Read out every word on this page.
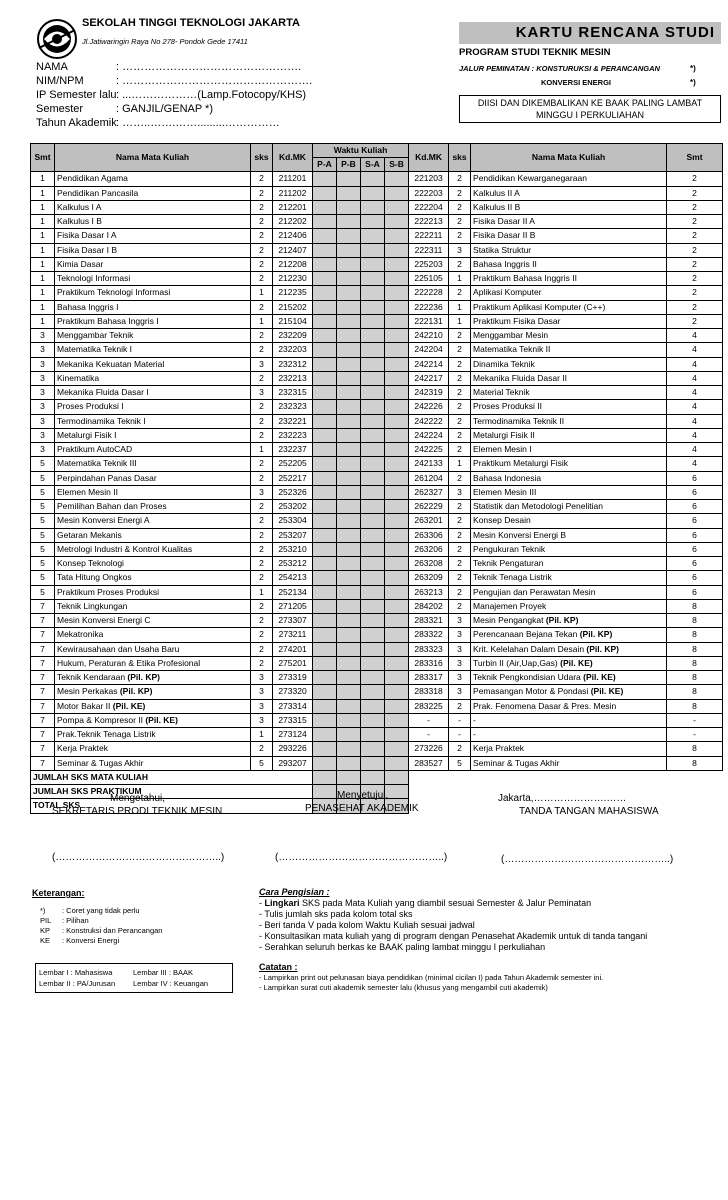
SEKOLAH TINGGI TEKNOLOGI JAKARTA
Jl.Jatiwaringin Raya No 278- Pondok Gede 17411
KARTU RENCANA STUDI
PROGRAM STUDI TEKNIK MESIN
JALUR PEMINATAN : KONSTURUKSI & PERANCANGAN	*)
KONVERSI ENERGI	*)
DIISI DAN DIKEMBALIKAN KE BAAK PALING LAMBAT
MINGGU I PERKULIAHAN
NAMA	: ………………………………………….
NIM/NPM	: …………………………………………….
IP Semester lalu: ...………………(Lamp.Fotocopy/KHS)
Semester	: GANJIL/GENAP *)
Tahun Akademik: ……..…….…….........……………
Smt	Nama Mata Kuliah	sks	Kd.MK	Waktu Kuliah				Kd.MK	sks	Nama Mata Kuliah	Smt
				P-A	P-B	S-A	S-B				
1	Pendidikan Agama	2	211201					221203	2	Pendidikan Kewarganegaraan	2
1	Pendidikan Pancasila	2	211202					222203	2	Kalkulus II A	2
1	Kalkulus I A	2	212201					222204	2	Kalkulus II B	2
1	Kalkulus I B	2	212202					222213	2	Fisika Dasar II A	2
1	Fisika Dasar I A	2	212406					222211	2	Fisika Dasar II B	2
1	Fisika Dasar I B	2	212407					222311	3	Statika Struktur	2
1	Kimia Dasar	2	212208					225203	2	Bahasa Inggris II	2
1	Teknologi Informasi	2	212230					225105	1	Praktikum Bahasa Inggris II	2
1	Praktikum Teknologi Informasi	1	212235					222228	2	Aplikasi Komputer	2
1	Bahasa Inggris I	2	215202					222236	1	Praktikum Aplikasi Komputer (C++)	2
1	Praktikum Bahasa Inggris I	1	215104					222131	1	Praktikum Fisika Dasar	2
3	Menggambar Teknik	2	232209					242210	2	Menggambar Mesin	4
3	Matematika Teknik I	2	232203					242204	2	Matematika Teknik II	4
3	Mekanika Kekuatan Material	3	232312					242214	2	Dinamika Teknik	4
3	Kinematika	2	232213					242217	2	Mekanika Fluida Dasar II	4
3	Mekanika Fluida Dasar I	3	232315					242319	2	Material Teknik	4
3	Proses Produksi I	2	232323					242226	2	Proses Produksi II	4
3	Termodinamika Teknik I	2	232221					242222	2	Termodinamika Teknik II	4
3	Metalurgi Fisik I	2	232223					242224	2	Metalurgi Fisik II	4
3	Praktikum AutoCAD	1	232237					242225	2	Elemen Mesin I	4
5	Matematika Teknik III	2	252205					242133	1	Praktikum Metalurgi Fisik	4
5	Perpindahan Panas Dasar	2	252217					261204	2	Bahasa Indonesia	6
5	Elemen Mesin II	3	252326					262327	3	Elemen Mesin III	6
5	Pemilihan Bahan dan Proses	2	253202					262229	2	Statistik dan Metodologi Penelitian	6
5	Mesin Konversi Energi A	2	253304					263201	2	Konsep Desain	6
5	Getaran Mekanis	2	253207					263306	2	Mesin Konversi Energi B	6
5	Metrologi Industri & Kontrol Kualitas	2	253210					263206	2	Pengukuran Teknik	6
5	Konsep Teknologi	2	253212					263208	2	Teknik Pengaturan	6
5	Tata Hitung Ongkos	2	254213					263209	2	Teknik Tenaga Listrik	6
5	Praktikum Proses Produksi	1	252134					263213	2	Pengujian dan Perawatan Mesin	6
7	Teknik Lingkungan	2	271205					284202	2	Manajemen Proyek	8
7	Mesin Konversi Energi C	2	273307					283321	3	Mesin Pengangkat (Pil. KP)	8
7	Mekatronika	2	273211					283322	3	Perencanaan Bejana Tekan (Pil. KP)	8
7	Kewirausahaan dan Usaha Baru	2	274201					283323	3	Krit. Kelelahan Dalam Desain (Pil. KP)	8
7	Hukum, Peraturan & Etika Profesional	2	275201					283316	3	Turbin II (Air,Uap,Gas) (Pil. KE)	8
7	Teknik Kendaraan (Pil. KP)	3	273319					283317	3	Teknik Pengkondisian Udara (Pil. KE)	8
7	Mesin Perkakas (Pil. KP)	3	273320					283318	3	Pemasangan Motor & Pondasi (Pil. KE)	8
7	Motor Bakar II (Pil. KE)	3	273314					283225	2	Prak. Fenomena Dasar & Pres. Mesin	8
7	Pompa & Kompresor II (Pil. KE)	3	273315					-	-	-	-
7	Prak.Teknik Tenaga Listrik	1	273124					-	-	-	-
7	Kerja Praktek	2	293226					273226	2	Kerja Praktek	8
7	Seminar & Tugas Akhir	5	293207					283527	5	Seminar & Tugas Akhir	8
JUMLAH SKS MATA KULIAH											
JUMLAH SKS PRAKTIKUM											
TOTAL SKS											
Mengetahui,
SEKRETARIS PRODI TEKNIK MESIN
Menyetujui,
PENASEHAT AKADEMIK
Jakarta,………………….……
TANDA TANGAN MAHASISWA
(…………………………………………..)	(…………………………………………..)	(…………………………………………..)
Keterangan:
*) : Coret yang tidak perlu
PIL : Pilihan
KP : Konstruksi dan Perancangan
KE : Konversi Energi
Lembar I : Mahasiswa	Lembar III : BAAK
Lembar II : PA/Jurusan Lembar IV : Keuangan
Cara Pengisian :
- Lingkari SKS pada Mata Kuliah yang diambil sesuai Semester & Jalur Peminatan
- Tulis jumlah sks pada kolom total sks
- Beri tanda V pada kolom Waktu Kuliah sesuai jadwal
- Konsultasikan mata kuliah yang di program dengan Penasehat Akademik untuk di tanda tangani
- Serahkan seluruh berkas ke BAAK paling lambat minggu I perkuliahan
Catatan :
- Lampirkan print out pelunasan biaya pendidikan (minimal cicilan I) pada Tahun Akademik semester ini.
- Lampirkan surat cuti akademik semester lalu (khusus yang mengambil cuti akademik)
